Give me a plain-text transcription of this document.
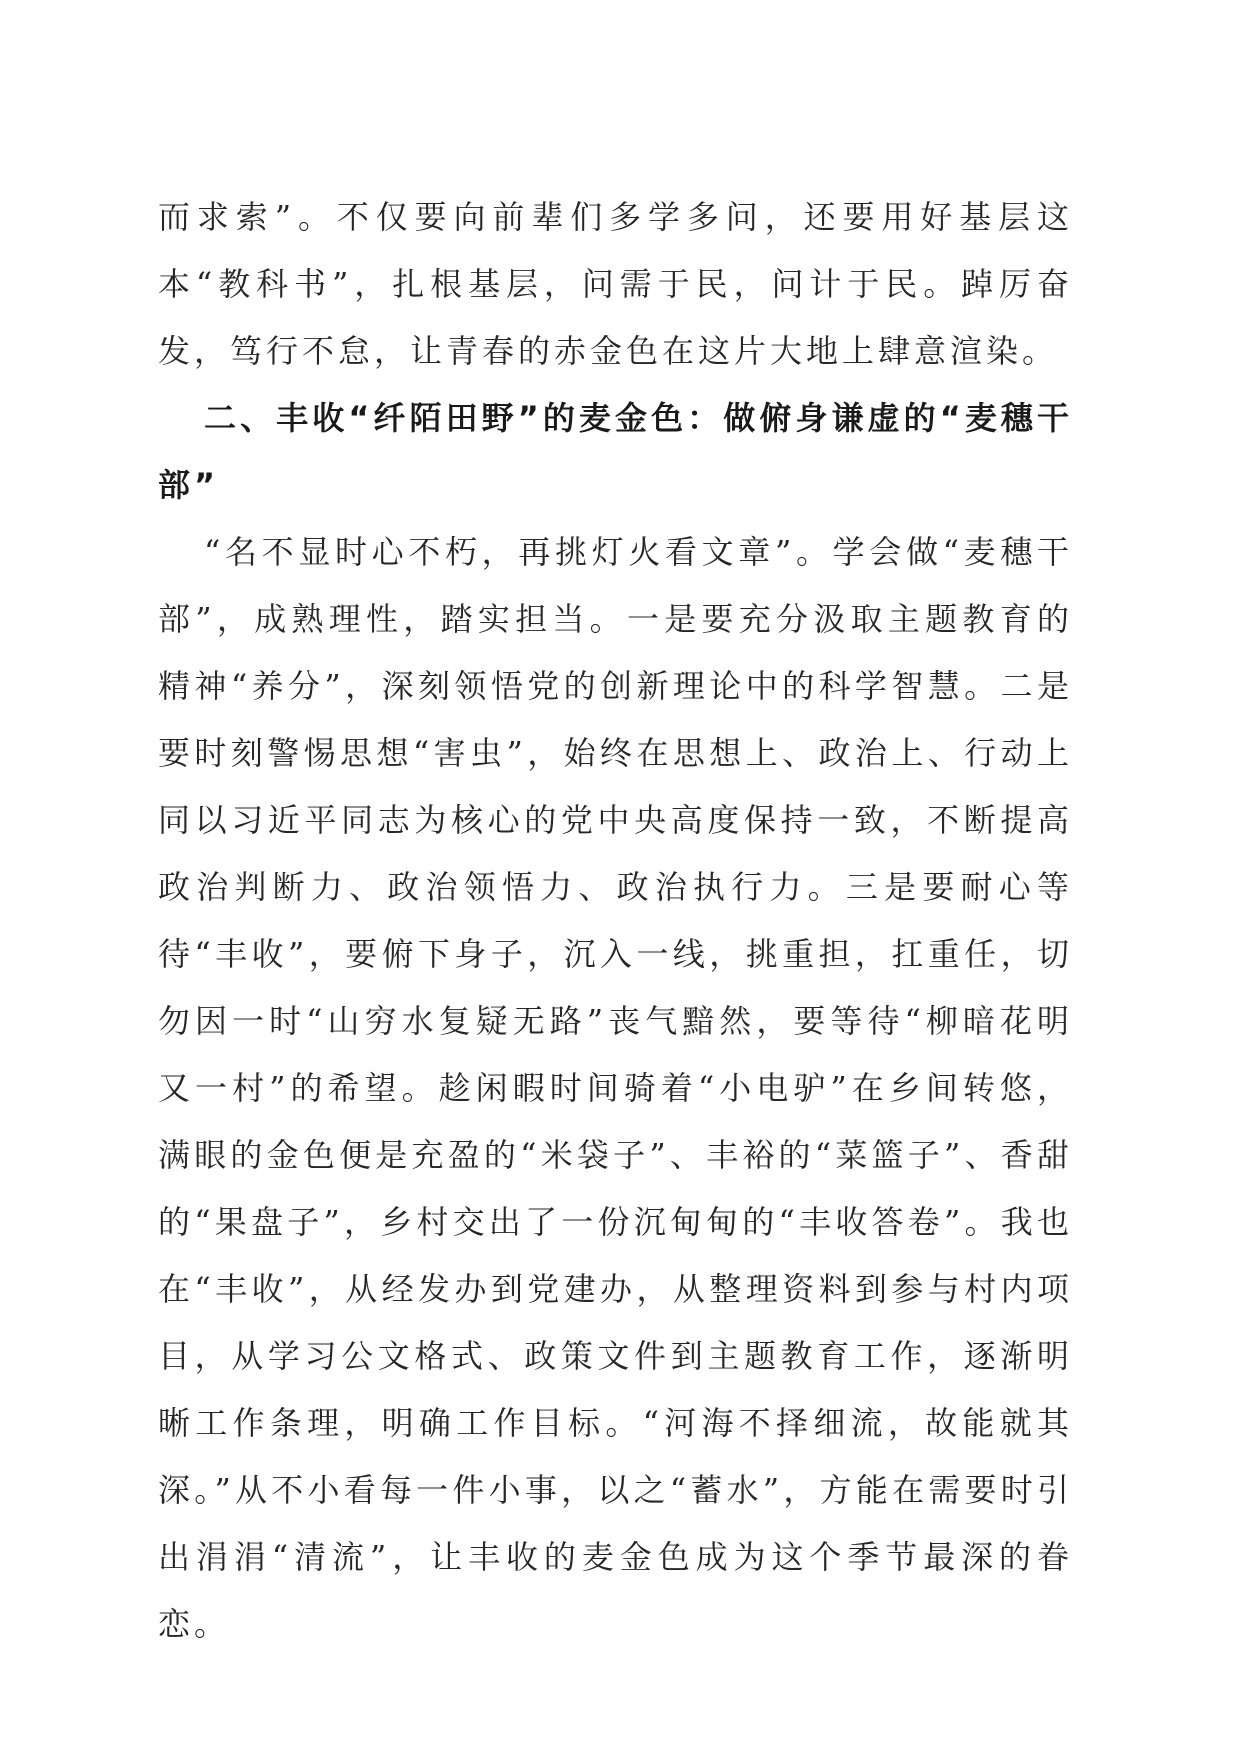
而求索”。不仅要向前辈们多学多问，还要用好基层这本“教科书”，扎根基层，问需于民，问计于民。踔厉奋发，笃行不怠，让青春的赤金色在这片大地上肆意渲染。

二、丰收“纤陌田野”的麦金色：做俯身谦虚的“麦穗干部”

“名不显时心不朽，再挑灯火看文章”。学会做“麦穗干部”，成熟理性，踏实担当。一是要充分汲取主题教育的精神“养分”，深刻领悟党的创新理论中的科学智慧。二是要时刻警惕思想“害虫”，始终在思想上、政治上、行动上同以习近平同志为核心的党中央高度保持一致，不断提高政治判断力、政治领悟力、政治执行力。三是要耐心等待“丰收”，要俯下身子，沉入一线，挑重担，扛重任，切勿因一时“山穷水复疑无路”丧气黯然，要等待“柳暗花明又一村”的希望。趁闲暇时间骑着“小电驴”在乡间转悠，满眼的金色便是充盈的“米袋子”、丰裕的“菜篮子”、香甜的“果盘子”，乡村交出了一份沉甸甸的“丰收答卷”。我也在“丰收”，从经发办到党建办，从整理资料到参与村内项目，从学习公文格式、政策文件到主题教育工作，逐渐明晰工作条理，明确工作目标。“河海不择细流，故能就其深。”从不小看每一件小事，以之“蓄水”，方能在需要时引出涓涓“清流”，让丰收的麦金色成为这个季节最深的眷恋。
